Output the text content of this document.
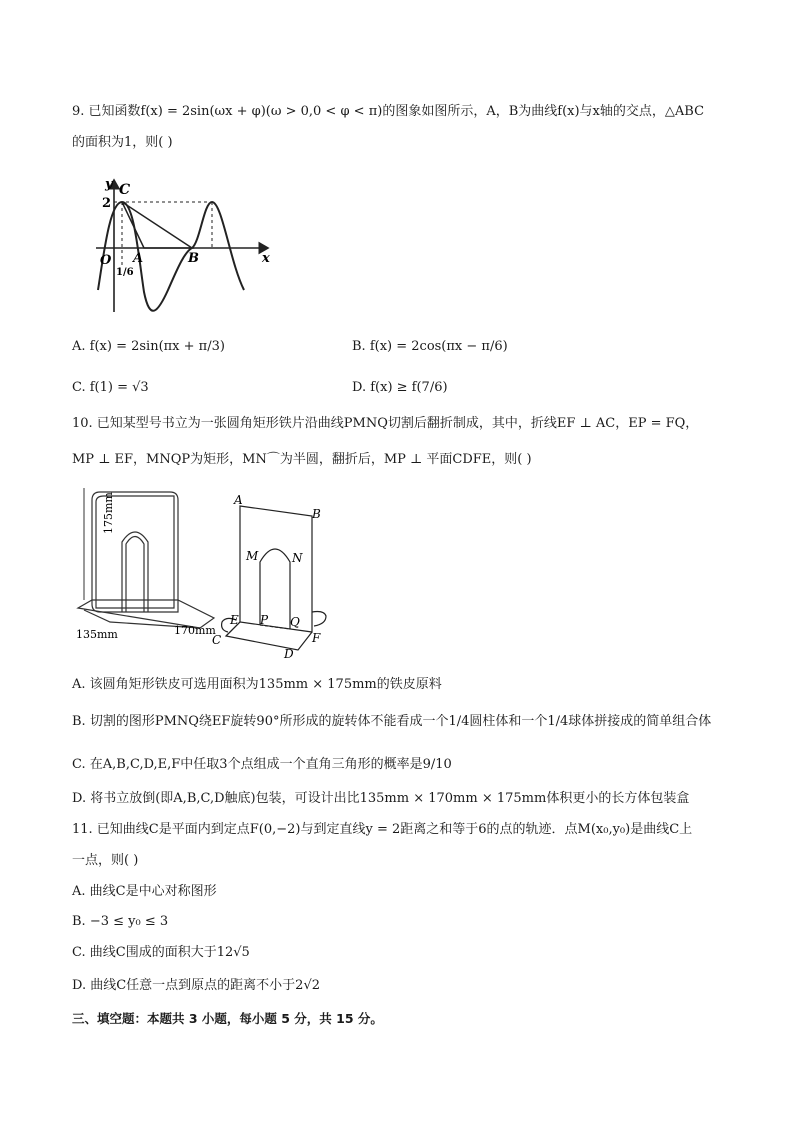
9. 已知函数f(x) = 2sin(ωx + φ)(ω > 0,0 < φ < π)的图象如图所示，A，B为曲线f(x)与x轴的交点，△ABC
的面积为1，则( )
y C
2
O A	B	x
1/6
A. f(x) = 2sin(πx + π/3)	B. f(x) = 2cos(πx − π/6)
C. f(1) = √3	D. f(x) ≥ f(7/6)
10. 已知某型号书立为一张圆角矩形铁片沿曲线PMNQ切割后翻折制成，其中，折线EF ⊥ AC，EP = FQ，
MP ⊥ EF，MNQP为矩形，MN⌒为半圆，翻折后，MP ⊥ 平面CDFE，则( )
175mm
135mm	170mm
A
B
M	N
E P Q
C	F
D
A. 该圆角矩形铁皮可选用面积为135mm × 175mm的铁皮原料
B. 切割的图形PMNQ绕EF旋转90°所形成的旋转体不能看成一个1/4圆柱体和一个1/4球体拼接成的简单组合体
C. 在A,B,C,D,E,F中任取3个点组成一个直角三角形的概率是9/10
D. 将书立放倒(即A,B,C,D触底)包装，可设计出比135mm × 170mm × 175mm体积更小的长方体包装盒
11. 已知曲线C是平面内到定点F(0,−2)与到定直线y = 2距离之和等于6的点的轨迹．点M(x₀,y₀)是曲线C上
一点，则( )
A. 曲线C是中心对称图形
B. −3 ≤ y₀ ≤ 3
C. 曲线C围成的面积大于12√5
D. 曲线C任意一点到原点的距离不小于2√2
三、填空题：本题共 3 小题，每小题 5 分，共 15 分。
